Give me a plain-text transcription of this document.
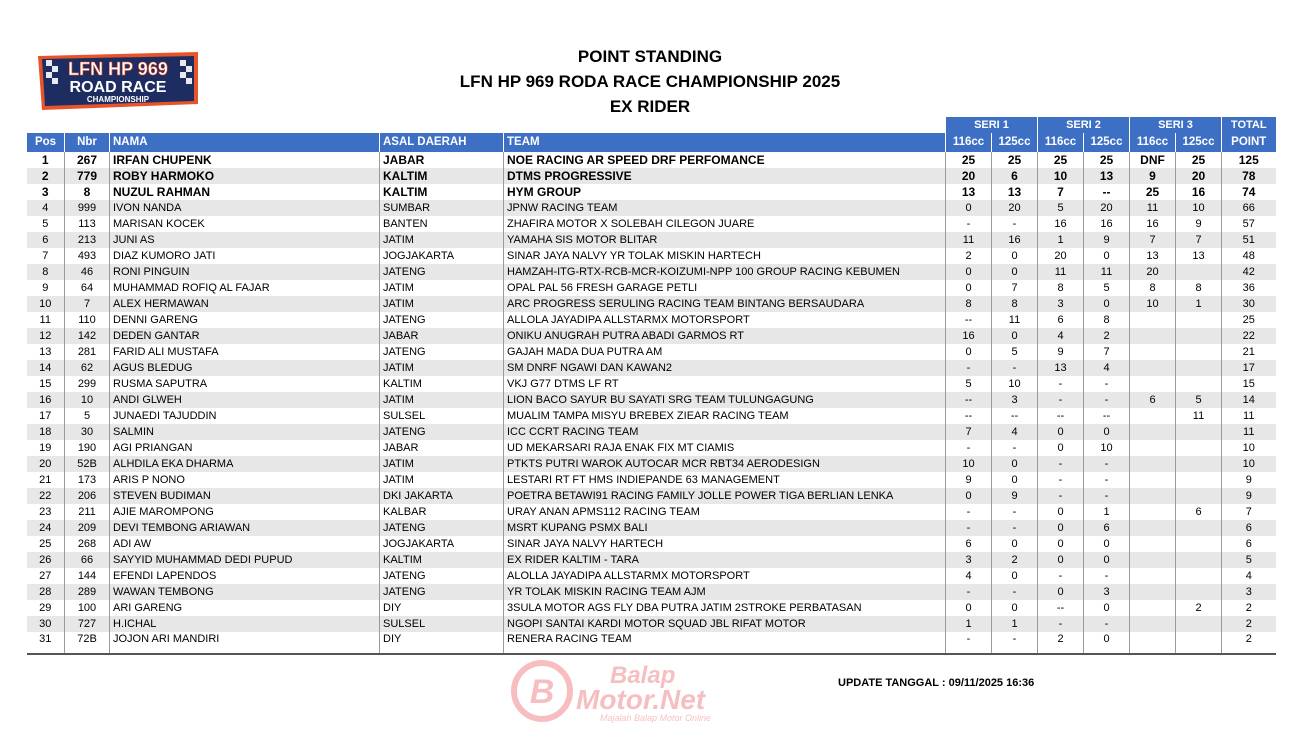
LFN HP 969
ROAD RACE
CHAMPIONSHIP
POINT STANDING
LFN HP 969 RODA RACE CHAMPIONSHIP 2025
EX RIDER
					SERI 1		SERI 2		SERI 3		TOTAL
Pos	Nbr	NAMA	ASAL DAERAH	TEAM	116cc	125cc	116cc	125cc	116cc	125cc	POINT
1	267	IRFAN CHUPENK	JABAR	NOE RACING AR SPEED DRF PERFOMANCE	25	25	25	25	DNF	25	125
2	779	ROBY HARMOKO	KALTIM	DTMS PROGRESSIVE	20	6	10	13	9	20	78
3	8	NUZUL RAHMAN	KALTIM	HYM GROUP	13	13	7	--	25	16	74
4	999	IVON NANDA	SUMBAR	JPNW RACING TEAM	0	20	5	20	11	10	66
5	113	MARISAN KOCEK	BANTEN	ZHAFIRA MOTOR X SOLEBAH CILEGON JUARE	-	-	16	16	16	9	57
6	213	JUNI AS	JATIM	YAMAHA SIS MOTOR BLITAR	11	16	1	9	7	7	51
7	493	DIAZ KUMORO JATI	JOGJAKARTA	SINAR JAYA NALVY YR TOLAK MISKIN HARTECH	2	0	20	0	13	13	48
8	46	RONI PINGUIN	JATENG	HAMZAH-ITG-RTX-RCB-MCR-KOIZUMI-NPP 100 GROUP RACING KEBUMEN	0	0	11	11	20		42
9	64	MUHAMMAD ROFIQ AL FAJAR	JATIM	OPAL PAL 56 FRESH GARAGE PETLI	0	7	8	5	8	8	36
10	7	ALEX HERMAWAN	JATIM	ARC PROGRESS SERULING RACING TEAM BINTANG BERSAUDARA	8	8	3	0	10	1	30
11	110	DENNI GARENG	JATENG	ALLOLA JAYADIPA ALLSTARMX MOTORSPORT	--	11	6	8			25
12	142	DEDEN GANTAR	JABAR	ONIKU ANUGRAH PUTRA ABADI GARMOS RT	16	0	4	2			22
13	281	FARID ALI MUSTAFA	JATENG	GAJAH MADA DUA PUTRA AM	0	5	9	7			21
14	62	AGUS BLEDUG	JATIM	SM DNRF NGAWI DAN KAWAN2	-	-	13	4			17
15	299	RUSMA SAPUTRA	KALTIM	VKJ G77 DTMS LF RT	5	10	-	-			15
16	10	ANDI GLWEH	JATIM	LION BACO SAYUR BU SAYATI SRG TEAM TULUNGAGUNG	--	3	-	-	6	5	14
17	5	JUNAEDI TAJUDDIN	SULSEL	MUALIM TAMPA MISYU BREBEX ZIEAR RACING TEAM	--	--	--	--		11	11
18	30	SALMIN	JATENG	ICC CCRT RACING TEAM	7	4	0	0			11
19	190	AGI PRIANGAN	JABAR	UD MEKARSARI RAJA ENAK FIX MT CIAMIS	-	-	0	10			10
20	52B	ALHDILA EKA DHARMA	JATIM	PTKTS PUTRI WAROK AUTOCAR MCR RBT34 AERODESIGN	10	0	-	-			10
21	173	ARIS P NONO	JATIM	LESTARI RT FT HMS INDIEPANDE 63 MANAGEMENT	9	0	-	-			9
22	206	STEVEN BUDIMAN	DKI JAKARTA	POETRA BETAWI91 RACING FAMILY JOLLE POWER TIGA BERLIAN LENKA	0	9	-	-			9
23	211	AJIE MAROMPONG	KALBAR	URAY ANAN APMS112 RACING TEAM	-	-	0	1		6	7
24	209	DEVI TEMBONG ARIAWAN	JATENG	MSRT KUPANG PSMX BALI	-	-	0	6			6
25	268	ADI AW	JOGJAKARTA	SINAR JAYA NALVY HARTECH	6	0	0	0			6
26	66	SAYYID MUHAMMAD DEDI PUPUD	KALTIM	EX RIDER KALTIM - TARA	3	2	0	0			5
27	144	EFENDI LAPENDOS	JATENG	ALOLLA JAYADIPA ALLSTARMX MOTORSPORT	4	0	-	-			4
28	289	WAWAN TEMBONG	JATENG	YR TOLAK MISKIN RACING TEAM AJM	-	-	0	3			3
29	100	ARI GARENG	DIY	3SULA MOTOR AGS FLY DBA PUTRA JATIM 2STROKE PERBATASAN	0	0	--	0		2	2
30	727	H.ICHAL	SULSEL	NGOPI SANTAI KARDI MOTOR SQUAD JBL RIFAT MOTOR	1	1	-	-			2
31	72B	JOJON ARI MANDIRI	DIY	RENERA RACING TEAM	-	-	2	0			2
UPDATE TANGGAL : 09/11/2025 16:36
B Balap
Motor.Net
Majalah Balap Motor Online
